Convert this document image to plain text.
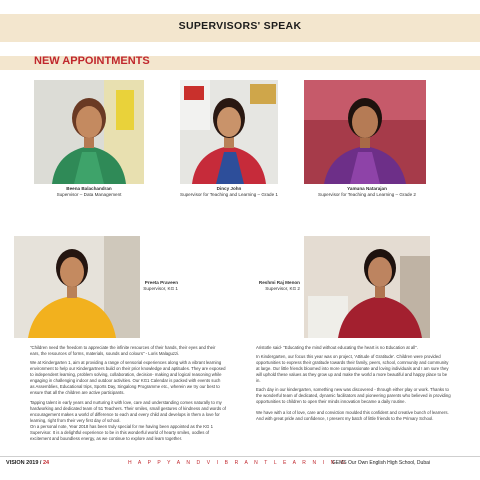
SUPERVISORS' SPEAK
NEW APPOINTMENTS
Beena Balachandran
Supervisor – Data Management
Dincy John
Supervisor for Teaching and Learning – Grade 1
Yamuna Natarajan
Supervisor for Teaching and Learning – Grade 2
Preeta Praveen
Supervisor, KG 1
Reshmi Raj Menon
Supervisor, KG 2

"Children need the freedom to appreciate the infinite resources of their hands, their eyes and their ears, the resources of forms, materials, sounds and colours" - Loris Malaguzzi.

We at Kindergarten 1, aim at providing a range of sensorial experiences along with a vibrant learning environment to help our Kindergartners build on their prior knowledge and aptitudes. They are exposed to independent learning, problem solving, collaboration, decision- making and logical reasoning while engaging in challenging indoor and outdoor activities. Our KG1 Calendar is packed with events such as Assemblies, Educational trips, Sports Day, Singalong Programme etc., wherein we try our best to ensure that all the children are active participants.

Tapping talent in early years and nurturing it with love, care and understanding comes naturally to my hardworking and dedicated team of 51 Teachers. Their smiles, small gestures of kindness and words of encouragement makes a world of difference to each and every child and develops in them a love for learning, right from their very first day of school.

On a personal note, Year 2018 has been truly special for me having been appointed as the KG 1 Supervisor. It is a delightful experience to be in this wonderful world of hearty smiles, oodles of excitement and boundless energy, as we continue to explore and learn together.

Aristotle said- "Educating the mind without educating the heart is no Education at all".

In Kindergarten, our focus this year was on project, 'Attitude of Gratitude'. Children were provided opportunities to express their gratitude towards their family, peers, school, community and community at large. Our little friends bloomed into more compassionate and loving individuals and I am sure they will uphold these values as they grow up and make the world a more beautiful and happy place to be in.

Each day in our kindergarten, something new was discovered - through either play or work. Thanks to the wonderful team of dedicated, dynamic facilitators and pioneering parents who believed in providing opportunities to children to open their minds innovation became a daily routine.

We have with a lot of love, care and conviction moulded this confident and creative bunch of learners. And with great pride and confidence, I present my batch of little friends to the Primary School.

VISION 2019 / 24	H A P P Y A N D V I B R A N T L E A R N I N G
GEMS Our Own English High School, Dubai
